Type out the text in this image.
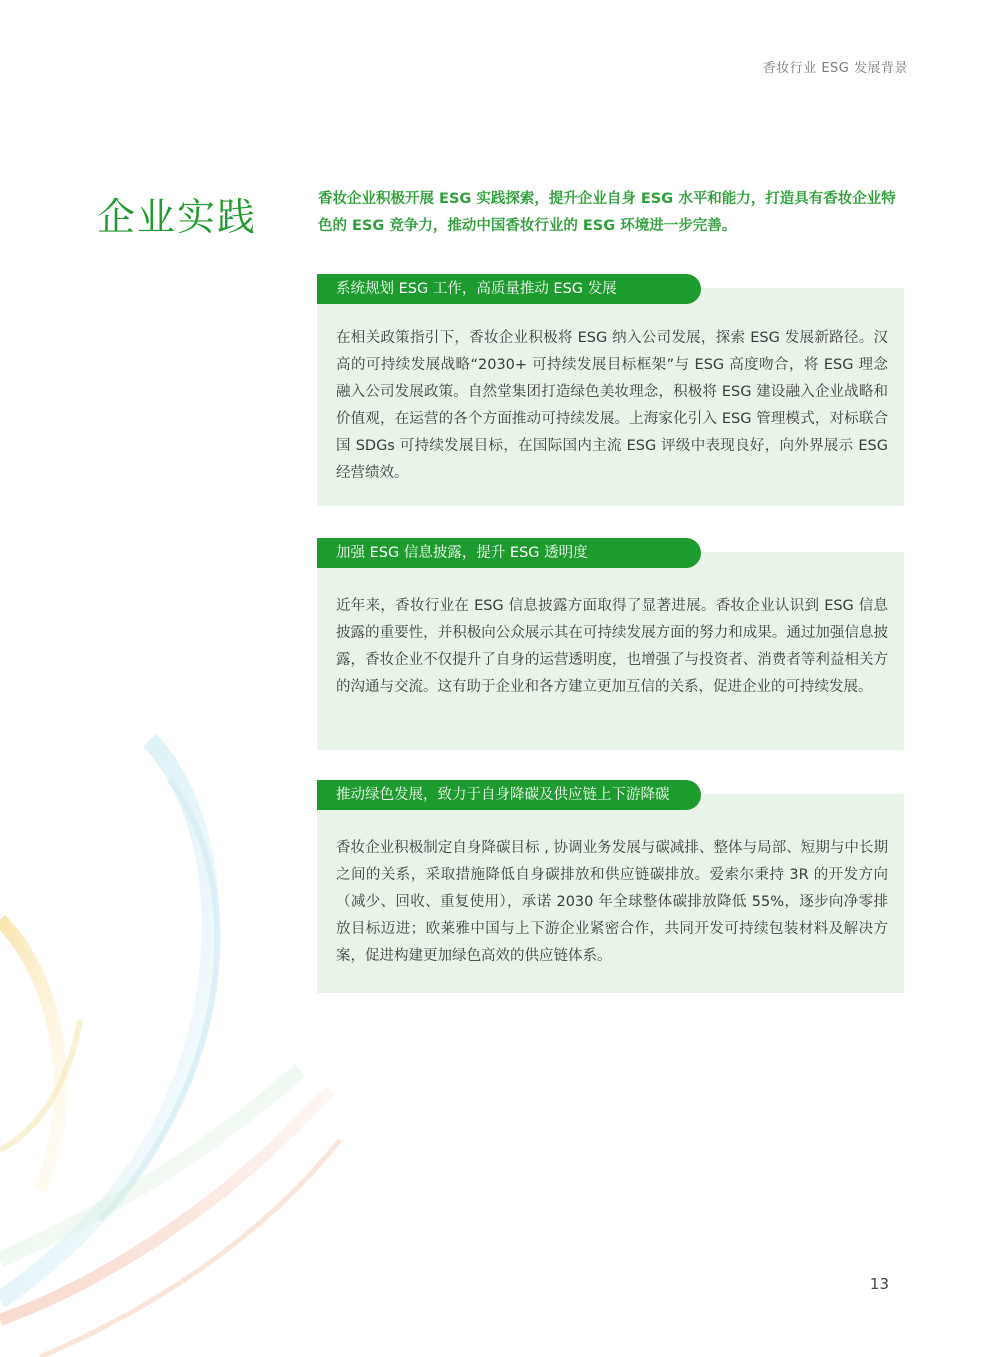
香妆行业 ESG 发展背景
企业实践	香妆企业积极开展 ESG 实践探索，提升企业自身 ESG 水平和能力，打造具有香妆企业特色的 ESG 竞争力，推动中国香妆行业的 ESG 环境进一步完善。

系统规划 ESG 工作，高质量推动 ESG 发展

在相关政策指引下，香妆企业积极将 ESG 纳入公司发展，探索 ESG 发展新路径。汉高的可持续发展战略“2030+ 可持续发展目标框架”与 ESG 高度吻合，将 ESG 理念融入公司发展政策。自然堂集团打造绿色美妆理念，积极将 ESG 建设融入企业战略和价值观，在运营的各个方面推动可持续发展。上海家化引入 ESG 管理模式，对标联合国 SDGs 可持续发展目标，在国际国内主流 ESG 评级中表现良好，向外界展示 ESG 经营绩效。

加强 ESG 信息披露，提升 ESG 透明度

近年来，香妆行业在 ESG 信息披露方面取得了显著进展。香妆企业认识到 ESG 信息披露的重要性，并积极向公众展示其在可持续发展方面的努力和成果。通过加强信息披露，香妆企业不仅提升了自身的运营透明度，也增强了与投资者、消费者等利益相关方的沟通与交流。这有助于企业和各方建立更加互信的关系，促进企业的可持续发展。

推动绿色发展，致力于自身降碳及供应链上下游降碳

香妆企业积极制定自身降碳目标 , 协调业务发展与碳减排、整体与局部、短期与中长期之间的关系，采取措施降低自身碳排放和供应链碳排放。爱索尔秉持 3R 的开发方向（减少、回收、重复使用），承诺 2030 年全球整体碳排放降低 55%，逐步向净零排放目标迈进；欧莱雅中国与上下游企业紧密合作，共同开发可持续包装材料及解决方案，促进构建更加绿色高效的供应链体系。

13
